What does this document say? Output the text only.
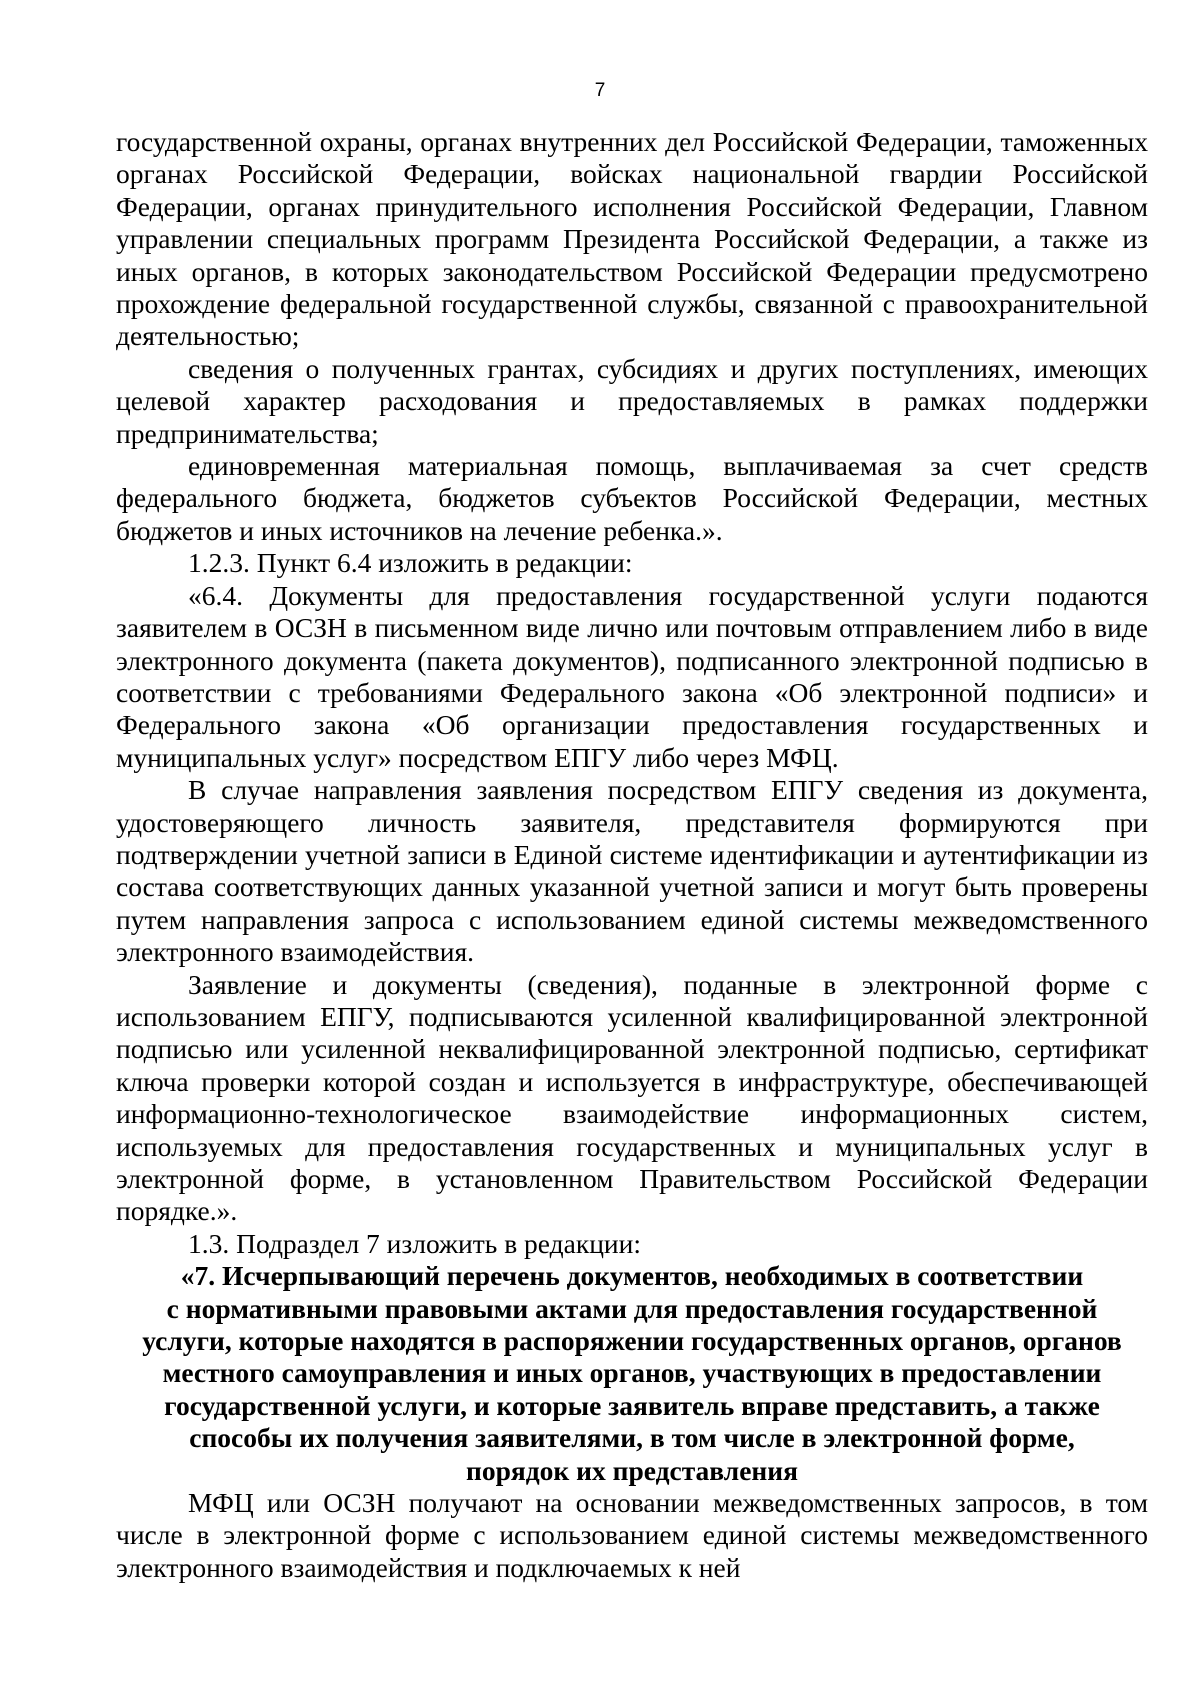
7

государственной охраны, органах внутренних дел Российской Федерации, таможенных органах Российской Федерации, войсках национальной гвардии Российской Федерации, органах принудительного исполнения Российской Федерации, Главном управлении специальных программ Президента Российской Федерации, а также из иных органов, в которых законодательством Российской Федерации предусмотрено прохождение федеральной государственной службы, связанной с правоохранительной деятельностью;

сведения о полученных грантах, субсидиях и других поступлениях, имеющих целевой характер расходования и предоставляемых в рамках поддержки предпринимательства;

единовременная материальная помощь, выплачиваемая за счет средств федерального бюджета, бюджетов субъектов Российской Федерации, местных бюджетов и иных источников на лечение ребенка.».

1.2.3. Пункт 6.4 изложить в редакции:

«6.4. Документы для предоставления государственной услуги подаются заявителем в ОСЗН в письменном виде лично или почтовым отправлением либо в виде электронного документа (пакета документов), подписанного электронной подписью в соответствии с требованиями Федерального закона «Об электронной подписи» и Федерального закона «Об организации предоставления государственных и муниципальных услуг» посредством ЕПГУ либо через МФЦ.

В случае направления заявления посредством ЕПГУ сведения из документа, удостоверяющего личность заявителя, представителя формируются при подтверждении учетной записи в Единой системе идентификации и аутентификации из состава соответствующих данных указанной учетной записи и могут быть проверены путем направления запроса с использованием единой системы межведомственного электронного взаимодействия.

Заявление и документы (сведения), поданные в электронной форме с использованием ЕПГУ, подписываются усиленной квалифицированной электронной подписью или усиленной неквалифицированной электронной подписью, сертификат ключа проверки которой создан и используется в инфраструктуре, обеспечивающей информационно-технологическое взаимодействие информационных систем, используемых для предоставления государственных и муниципальных услуг в электронной форме, в установленном Правительством Российской Федерации порядке.».

1.3. Подраздел 7 изложить в редакции:

«7. Исчерпывающий перечень документов, необходимых в соответствии
с нормативными правовыми актами для предоставления государственной
услуги, которые находятся в распоряжении государственных органов, органов
местного самоуправления и иных органов, участвующих в предоставлении
государственной услуги, и которые заявитель вправе представить, а также
способы их получения заявителями, в том числе в электронной форме,
порядок их представления

МФЦ или ОСЗН получают на основании межведомственных запросов, в том числе в электронной форме с использованием единой системы межведомственного электронного взаимодействия и подключаемых к ней
